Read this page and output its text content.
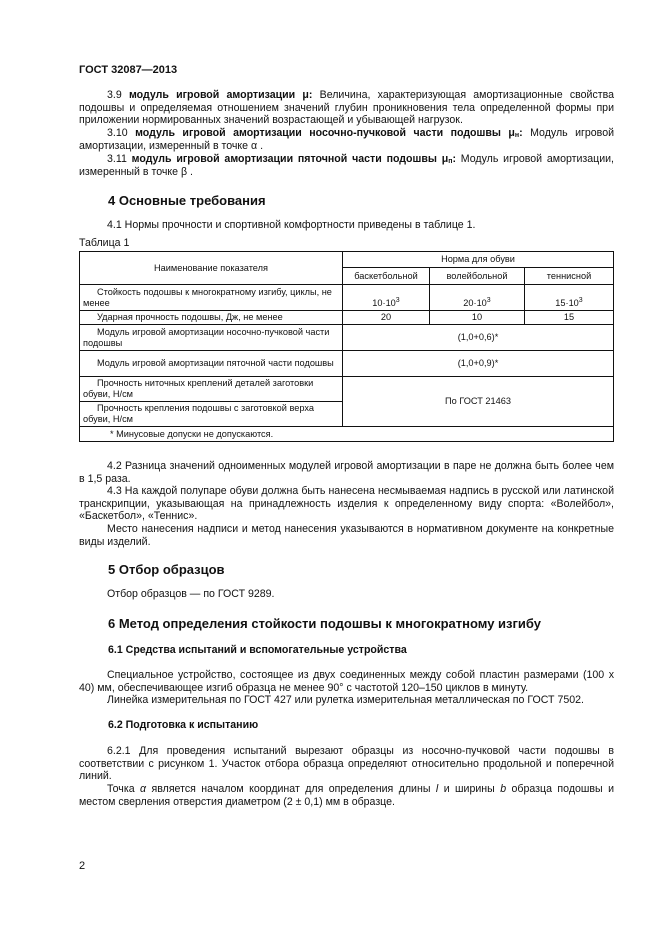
ГОСТ 32087—2013
3.9 модуль игровой амортизации μ: Величина, характеризующая амортизационные свойства подошвы и определяемая отношением значений глубин проникновения тела определенной формы при приложении нормированных значений возрастающей и убывающей нагрузок.
3.10 модуль игровой амортизации носочно-пучковой части подошвы $\mu_н$: Модуль игровой амортизации, измеренный в точке α .
3.11 модуль игровой амортизации пяточной части подошвы $\mu_п$: Модуль игровой амортизации, измеренный в точке β .
4 Основные требования
4.1 Нормы прочности и спортивной комфортности приведены в таблице 1.
Таблица 1
Наименование показателя	Норма для обуви		
	баскетбольной	волейбольной	теннисной
Стойкость подошвы к многократному изгибу, циклы, не менее	$10\cdot 10^3$	$20\cdot 10^3$	$15\cdot 10^3$
Ударная прочность подошвы, Дж, не менее	20	10	15
Модуль игровой амортизации носочно-пучковой части подошвы	(1,0+0,6)*		
Модуль игровой амортизации пяточной части подошвы	(1,0+0,9)*		
Прочность ниточных креплений деталей заготовки обуви, Н/см	По ГОСТ 21463		
Прочность крепления подошвы с заготовкой верха обуви, Н/см			
* Минусовые допуски не допускаются.			
4.2 Разница значений одноименных модулей игровой амортизации в паре не должна быть более чем в 1,5 раза.
4.3 На каждой полупаре обуви должна быть нанесена несмываемая надпись в русской или латинской транскрипции, указывающая на принадлежность изделия к определенному виду спорта: «Волейбол», «Баскетбол», «Теннис».
Место нанесения надписи и метод нанесения указываются в нормативном документе на конкретные виды изделий.
5 Отбор образцов
Отбор образцов — по ГОСТ 9289.
6 Метод определения стойкости подошвы к многократному изгибу
6.1 Средства испытаний и вспомогательные устройства
Специальное устройство, состоящее из двух соединенных между собой пластин размерами (100 x 40) мм, обеспечивающее изгиб образца не менее 90° с частотой 120–150 циклов в минуту.
Линейка измерительная по ГОСТ 427 или рулетка измерительная металлическая по ГОСТ 7502.
6.2 Подготовка к испытанию
6.2.1 Для проведения испытаний вырезают образцы из носочно-пучковой части подошвы в соответствии с рисунком 1. Участок отбора образца определяют относительно продольной и поперечной линий.
Точка α является началом координат для определения длины l и ширины b образца подошвы и местом сверления отверстия диаметром (2 ± 0,1) мм в образце.
2
